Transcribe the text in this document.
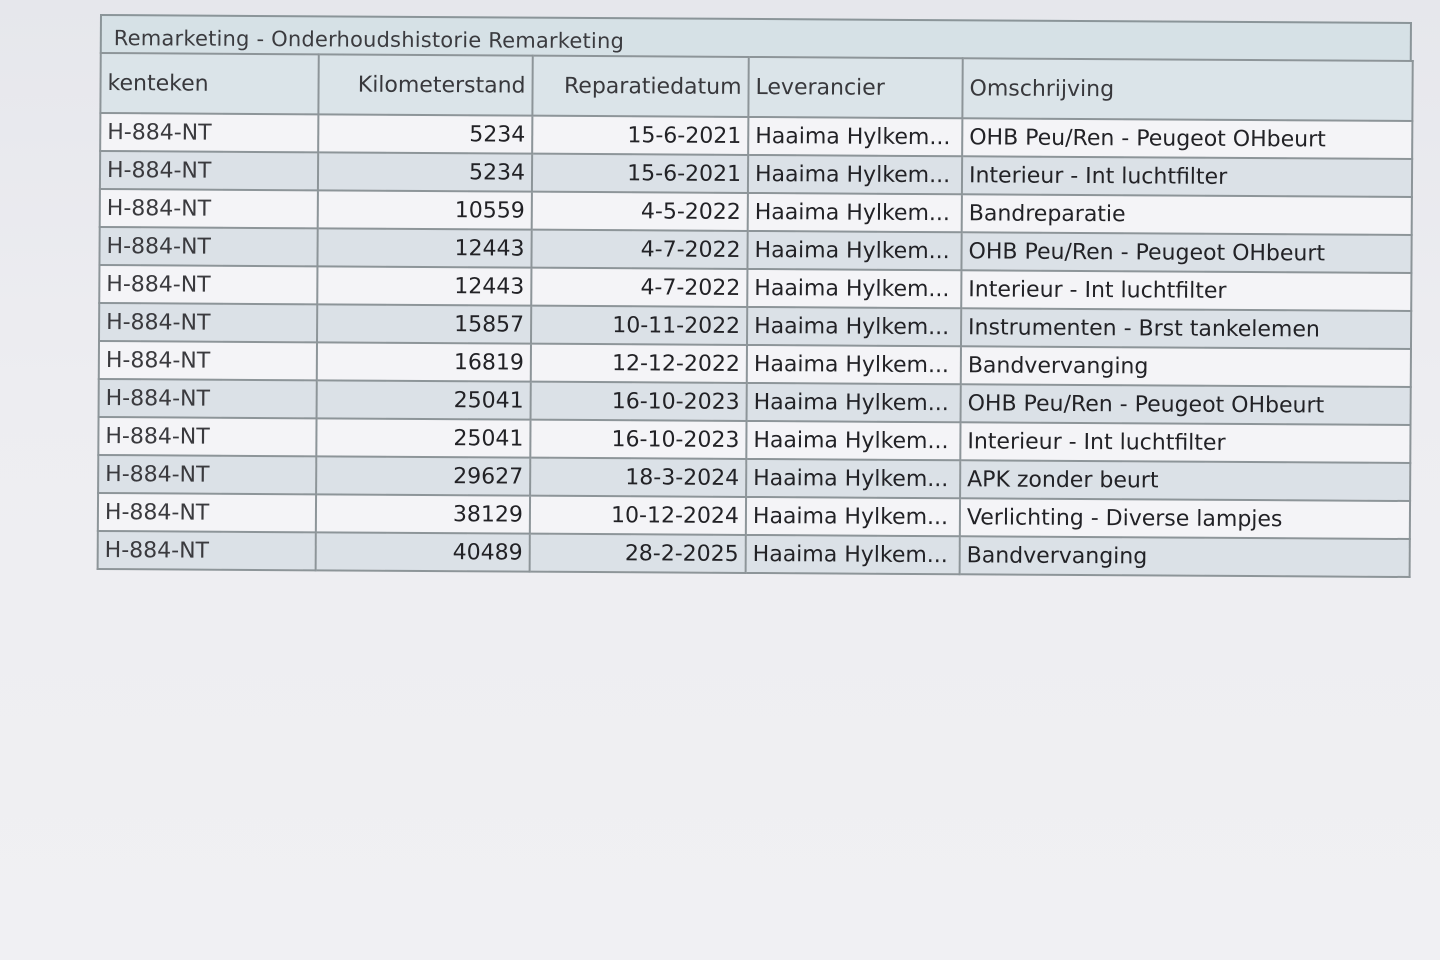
Remarketing - Onderhoudshistorie Remarketing
kenteken	Kilometerstand	Reparatiedatum	Leverancier	Omschrijving
H-884-NT	5234	15-6-2021	Haaima Hylkem...	OHB Peu/Ren - Peugeot OHbeurt
H-884-NT	5234	15-6-2021	Haaima Hylkem...	Interieur - Int luchtfilter
H-884-NT	10559	4-5-2022	Haaima Hylkem...	Bandreparatie
H-884-NT	12443	4-7-2022	Haaima Hylkem...	OHB Peu/Ren - Peugeot OHbeurt
H-884-NT	12443	4-7-2022	Haaima Hylkem...	Interieur - Int luchtfilter
H-884-NT	15857	10-11-2022	Haaima Hylkem...	Instrumenten - Brst tankelemen
H-884-NT	16819	12-12-2022	Haaima Hylkem...	Bandvervanging
H-884-NT	25041	16-10-2023	Haaima Hylkem...	OHB Peu/Ren - Peugeot OHbeurt
H-884-NT	25041	16-10-2023	Haaima Hylkem...	Interieur - Int luchtfilter
H-884-NT	29627	18-3-2024	Haaima Hylkem...	APK zonder beurt
H-884-NT	38129	10-12-2024	Haaima Hylkem...	Verlichting - Diverse lampjes
H-884-NT	40489	28-2-2025	Haaima Hylkem...	Bandvervanging
